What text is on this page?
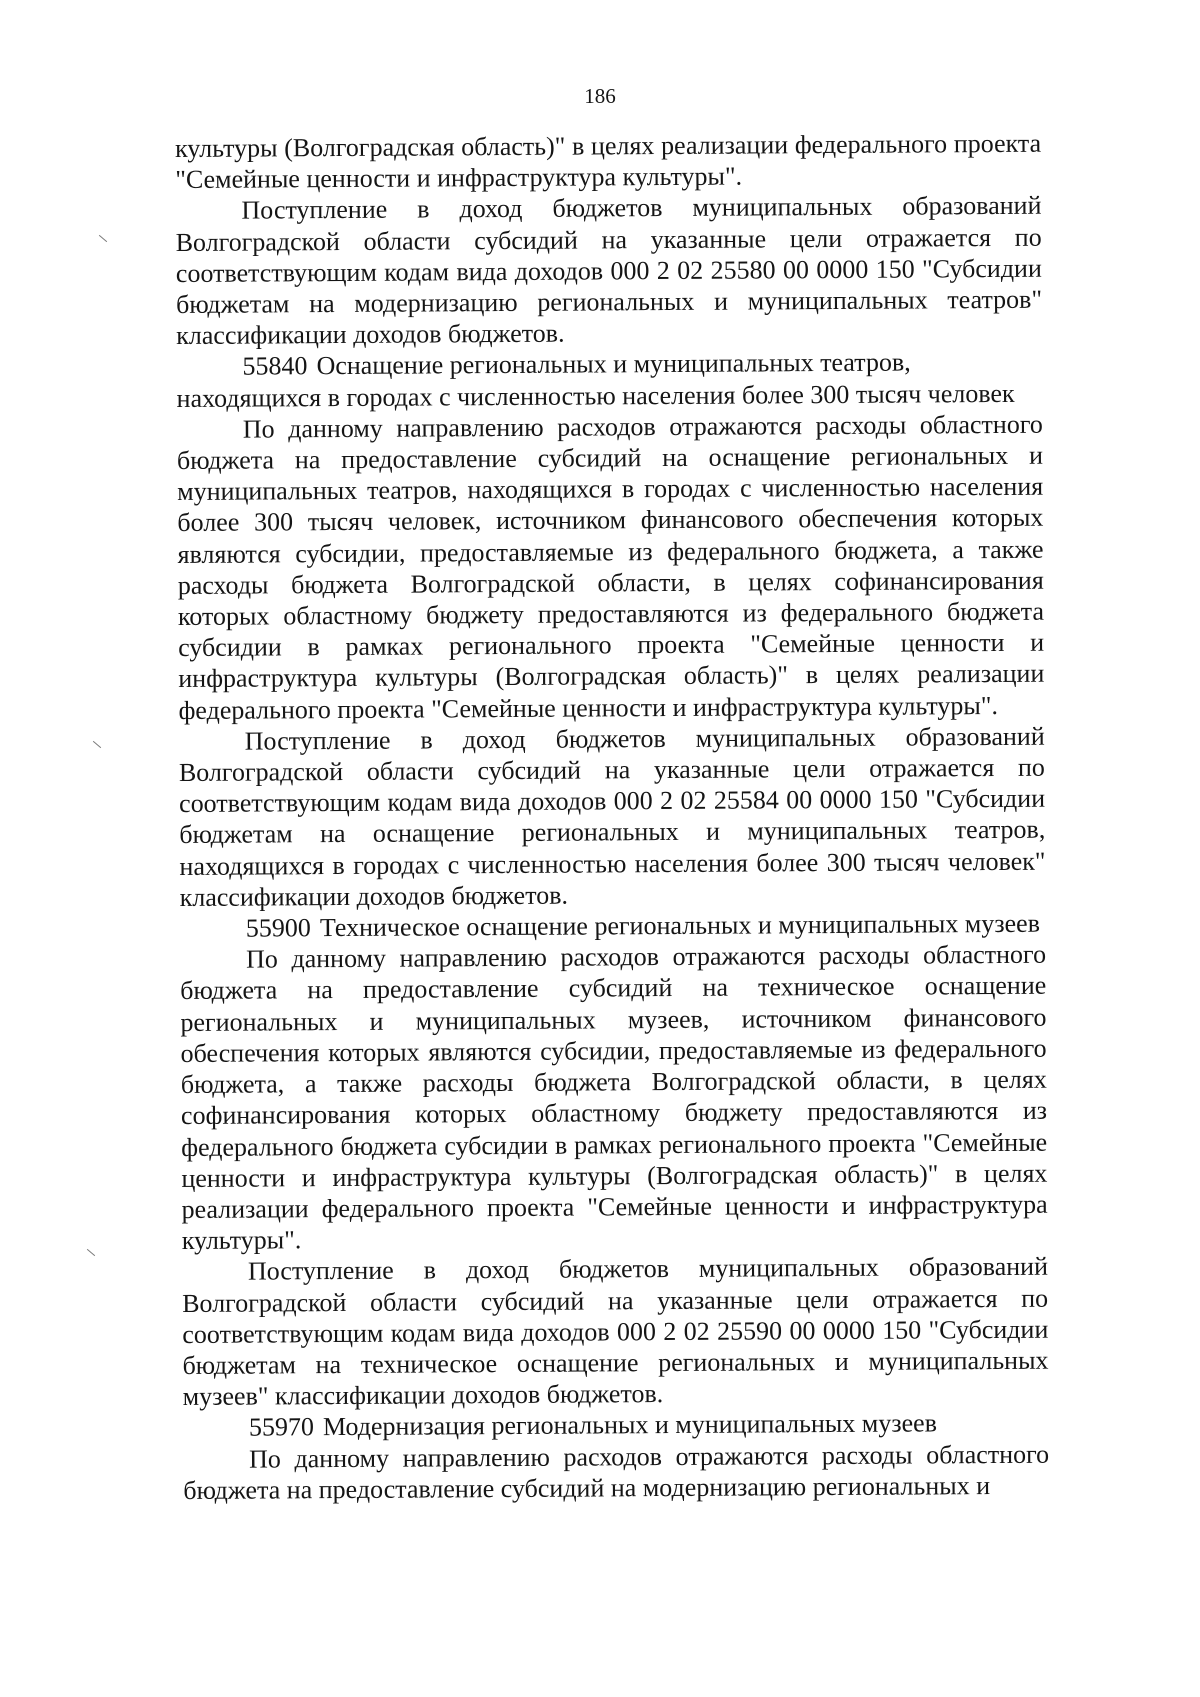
186

культуры (Волгоградская область)" в целях реализации федерального проекта "Семейные ценности и инфраструктура культуры".

Поступление в доход бюджетов муниципальных образований Волгоградской области субсидий на указанные цели отражается по соответствующим кодам вида доходов 000 2 02 25580 00 0000 150 "Субсидии бюджетам на модернизацию региональных и муниципальных театров" классификации доходов бюджетов.

55840 Оснащение региональных и муниципальных театров, находящихся в городах с численностью населения более 300 тысяч человек

По данному направлению расходов отражаются расходы областного бюджета на предоставление субсидий на оснащение региональных и муниципальных театров, находящихся в городах с численностью населения более 300 тысяч человек, источником финансового обеспечения которых являются субсидии, предоставляемые из федерального бюджета, а также расходы бюджета Волгоградской области, в целях софинансирования которых областному бюджету предоставляются из федерального бюджета субсидии в рамках регионального проекта "Семейные ценности и инфраструктура культуры (Волгоградская область)" в целях реализации федерального проекта "Семейные ценности и инфраструктура культуры".

Поступление в доход бюджетов муниципальных образований Волгоградской области субсидий на указанные цели отражается по соответствующим кодам вида доходов 000 2 02 25584 00 0000 150 "Субсидии бюджетам на оснащение региональных и муниципальных театров, находящихся в городах с численностью населения более 300 тысяч человек" классификации доходов бюджетов.

55900 Техническое оснащение региональных и муниципальных музеев

По данному направлению расходов отражаются расходы областного бюджета на предоставление субсидий на техническое оснащение региональных и муниципальных музеев, источником финансового обеспечения которых являются субсидии, предоставляемые из федерального бюджета, а также расходы бюджета Волгоградской области, в целях софинансирования которых областному бюджету предоставляются из федерального бюджета субсидии в рамках регионального проекта "Семейные ценности и инфраструктура культуры (Волгоградская область)" в целях реализации федерального проекта "Семейные ценности и инфраструктура культуры".

Поступление в доход бюджетов муниципальных образований Волгоградской области субсидий на указанные цели отражается по соответствующим кодам вида доходов 000 2 02 25590 00 0000 150 "Субсидии бюджетам на техническое оснащение региональных и муниципальных музеев" классификации доходов бюджетов.

55970 Модернизация региональных и муниципальных музеев

По данному направлению расходов отражаются расходы областного бюджета на предоставление субсидий на модернизацию региональных и
